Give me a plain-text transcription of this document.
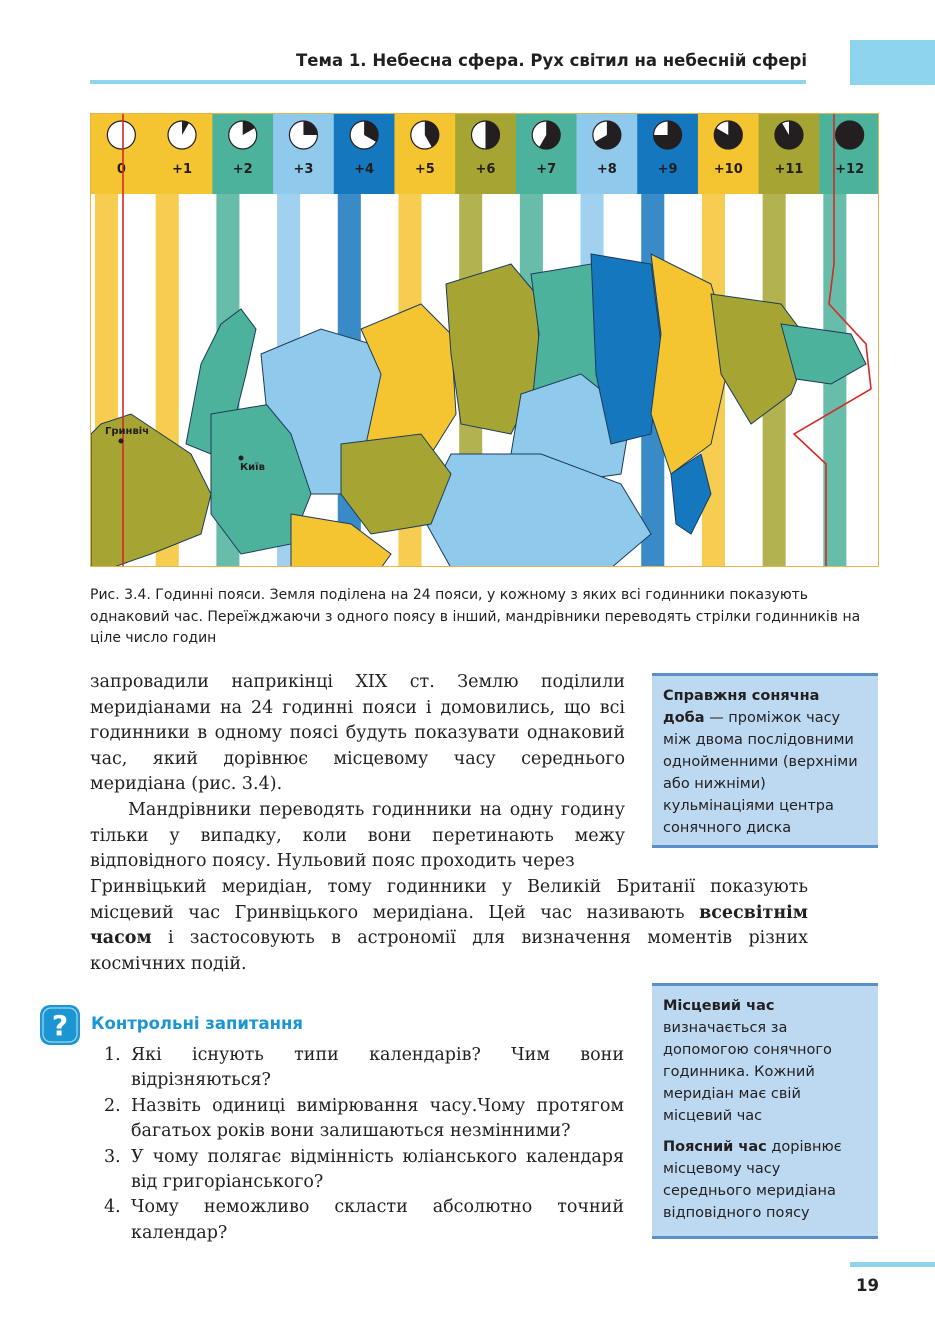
Тема 1. Небесна сфера. Рух світил на небесній сфері
0	+1	+2	+3	+4	+5	+6	+7	+8	+9	+10 +11 +12
Гринвіч
Київ
Рис. 3.4. Годинні пояси. Земля поділена на 24 пояси, у кожному з яких всі годинники показують однаковий час. Переїжджаючи з одного поясу в інший, мандрівники переводять стрілки годинників на ціле число годин

запровадили наприкінці XIX ст. Землю поділили меридіанами на 24 годинні пояси і домовились, що всі годинники в одному поясі будуть показувати однаковий час, який дорівнює місцевому часу середнього меридіана (рис. 3.4).

Мандрівники переводять годинники на одну годину тільки у випадку, коли вони перетинають межу відповідного поясу. Нульовий пояс проходить через

Гринвіцький меридіан, тому годинники у Великій Британії показують місцевий час Гринвіцького меридіана. Цей час називають всесвітнім часом і застосовують в астрономії для визначення моментів різних космічних подій.

Справжня сонячна доба — проміжок часу між двома послідовними однойменними (верхніми або нижніми) кульмінаціями центра сонячного диска

Місцевий час
визначається за допомогою сонячного годинника. Кожний меридіан має свій місцевий час

Поясний час дорівнює місцевому часу середнього меридіана відповідного поясу

? Контрольні запитання
1. Які існують типи календарів? Чим вони відрізняються?
2. Назвіть одиниці вимірювання часу.Чому протягом багатьох років вони залишаються незмінними?
3. У чому полягає відмінність юліанського календаря від григоріанського?
4. Чому неможливо скласти абсолютно точний календар?
19
